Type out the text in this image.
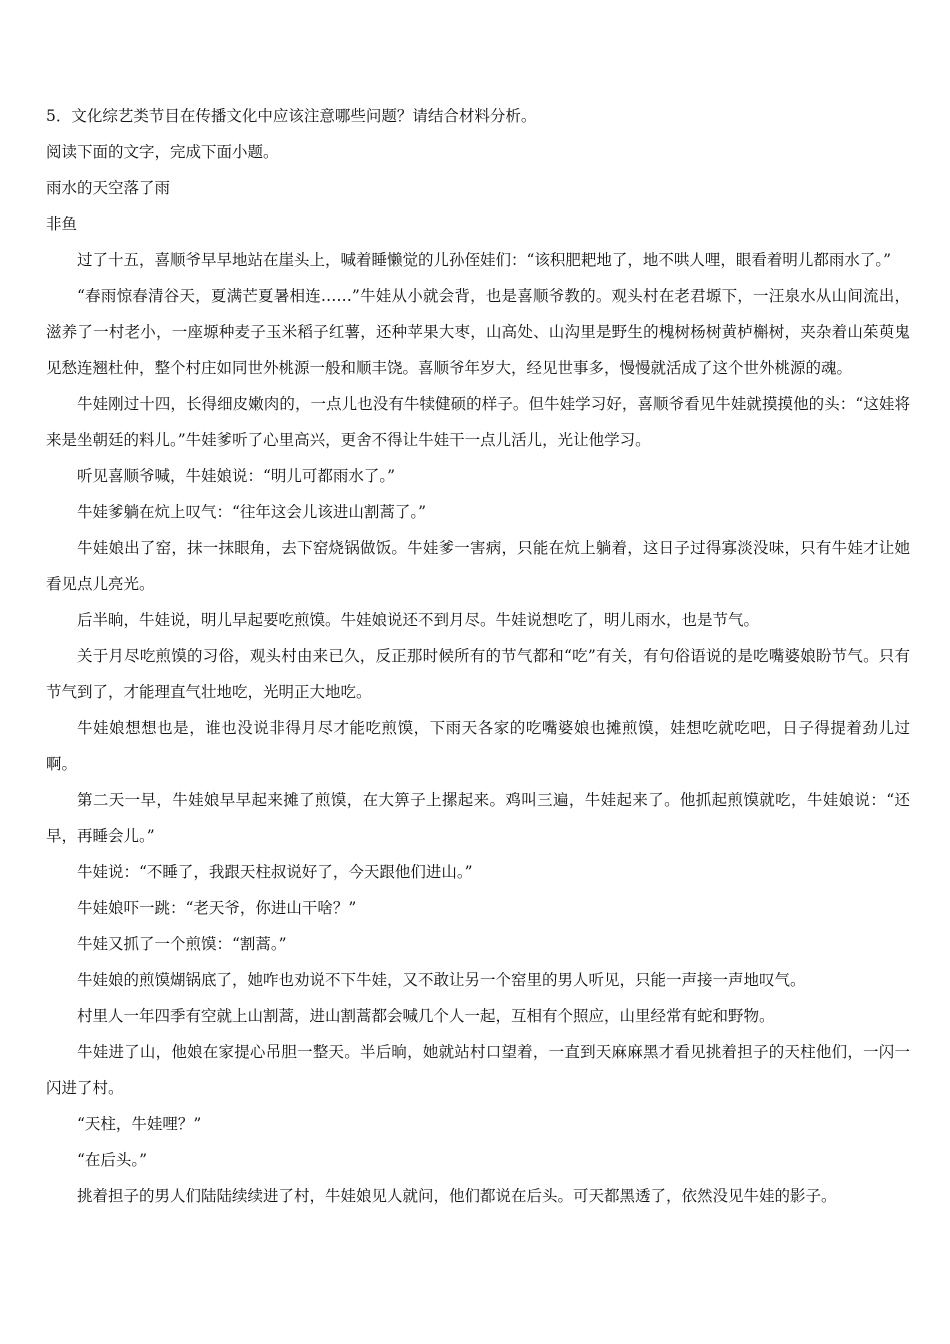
5．文化综艺类节目在传播文化中应该注意哪些问题？请结合材料分析。

阅读下面的文字，完成下面小题。

雨水的天空落了雨

非鱼

过了十五，喜顺爷早早地站在崖头上，喊着睡懒觉的儿孙侄娃们：“该积肥耙地了，地不哄人哩，眼看着明儿都雨水了。”

“春雨惊春清谷天，夏满芒夏暑相连……”牛娃从小就会背，也是喜顺爷教的。观头村在老君塬下，一汪泉水从山间流出，滋养了一村老小，一座塬种麦子玉米稻子红薯，还种苹果大枣，山高处、山沟里是野生的槐树杨树黄栌槲树，夹杂着山茱萸鬼见愁连翘杜仲，整个村庄如同世外桃源一般和顺丰饶。喜顺爷年岁大，经见世事多，慢慢就活成了这个世外桃源的魂。

牛娃刚过十四，长得细皮嫩肉的，一点儿也没有牛犊健硕的样子。但牛娃学习好，喜顺爷看见牛娃就摸摸他的头：“这娃将来是坐朝廷的料儿。”牛娃爹听了心里高兴，更舍不得让牛娃干一点儿活儿，光让他学习。

听见喜顺爷喊，牛娃娘说：“明儿可都雨水了。”

牛娃爹躺在炕上叹气：“往年这会儿该进山割蒿了。”

牛娃娘出了窑，抹一抹眼角，去下窑烧锅做饭。牛娃爹一害病，只能在炕上躺着，这日子过得寡淡没味，只有牛娃才让她看见点儿亮光。

后半晌，牛娃说，明儿早起要吃煎馍。牛娃娘说还不到月尽。牛娃说想吃了，明儿雨水，也是节气。

关于月尽吃煎馍的习俗，观头村由来已久，反正那时候所有的节气都和“吃”有关，有句俗语说的是吃嘴婆娘盼节气。只有节气到了，才能理直气壮地吃，光明正大地吃。

牛娃娘想想也是，谁也没说非得月尽才能吃煎馍，下雨天各家的吃嘴婆娘也摊煎馍，娃想吃就吃吧，日子得提着劲儿过啊。

第二天一早，牛娃娘早早起来摊了煎馍，在大箅子上摞起来。鸡叫三遍，牛娃起来了。他抓起煎馍就吃，牛娃娘说：“还早，再睡会儿。”

牛娃说：“不睡了，我跟天柱叔说好了，今天跟他们进山。”

牛娃娘吓一跳：“老天爷，你进山干啥？”

牛娃又抓了一个煎馍：“割蒿。”

牛娃娘的煎馍煳锅底了，她咋也劝说不下牛娃，又不敢让另一个窑里的男人听见，只能一声接一声地叹气。

村里人一年四季有空就上山割蒿，进山割蒿都会喊几个人一起，互相有个照应，山里经常有蛇和野物。

牛娃进了山，他娘在家提心吊胆一整天。半后晌，她就站村口望着，一直到天麻麻黑才看见挑着担子的天柱他们，一闪一闪进了村。

“天柱，牛娃哩？”

“在后头。”

挑着担子的男人们陆陆续续进了村，牛娃娘见人就问，他们都说在后头。可天都黑透了，依然没见牛娃的影子。
